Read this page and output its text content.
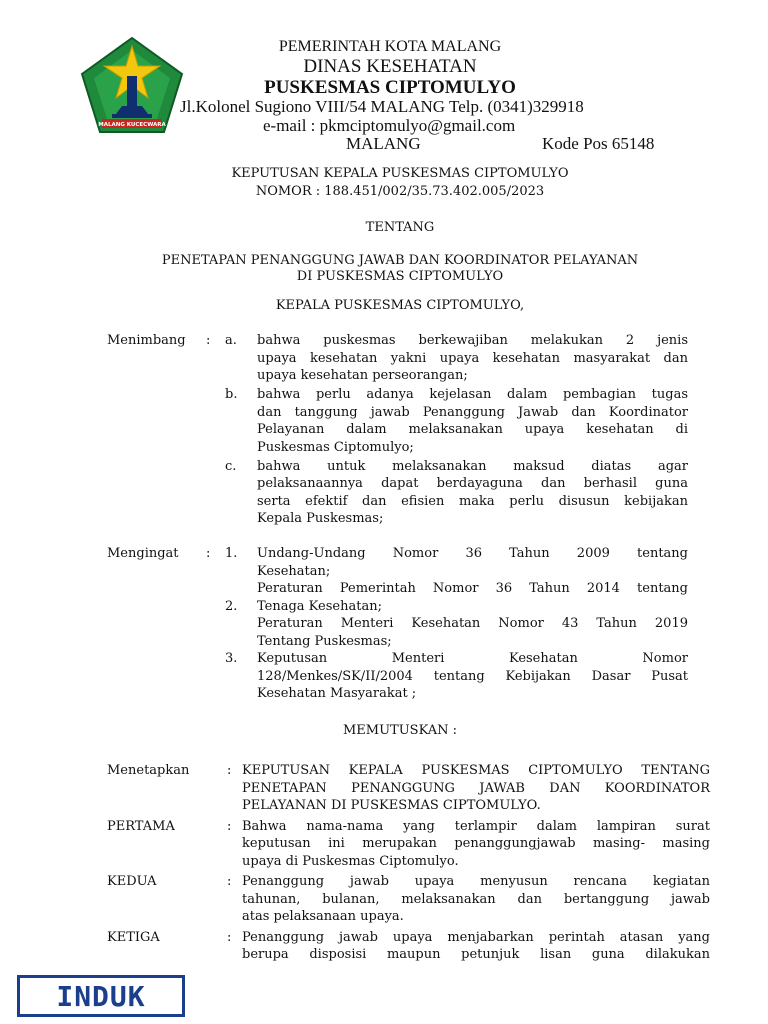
MALANG KUCECWARA
PEMERINTAH KOTA MALANG
DINAS KESEHATAN
PUSKESMAS CIPTOMULYO
Jl.Kolonel Sugiono VIII/54 MALANG Telp. (0341)329918
e-mail : pkmciptomulyo@gmail.com
MALANG	Kode Pos 65148
KEPUTUSAN KEPALA PUSKESMAS CIPTOMULYO
NOMOR : 188.451/002/35.73.402.005/2023
TENTANG
PENETAPAN PENANGGUNG JAWAB DAN KOORDINATOR PELAYANAN
DI PUSKESMAS CIPTOMULYO
KEPALA PUSKESMAS CIPTOMULYO,
Menimbang : a.	bahwa puskesmas berkewajiban melakukan 2 jenis
upaya kesehatan yakni upaya kesehatan masyarakat dan
upaya kesehatan perseorangan;
b.	bahwa perlu adanya kejelasan dalam pembagian tugas
dan tanggung jawab Penanggung Jawab dan Koordinator
Pelayanan dalam melaksanakan upaya kesehatan di
Puskesmas Ciptomulyo;
c.	bahwa untuk melaksanakan maksud diatas agar
pelaksanaannya dapat berdayaguna dan berhasil guna
serta efektif dan efisien maka perlu disusun kebijakan
Kepala Puskesmas;
Mengingat : 1.	Undang-Undang Nomor 36 Tahun 2009 tentang
Kesehatan;
Peraturan Pemerintah Nomor 36 Tahun 2014 tentang
2.	Tenaga Kesehatan;
Peraturan Menteri Kesehatan Nomor 43 Tahun 2019
Tentang Puskesmas;
3.	Keputusan Menteri Kesehatan Nomor
128/Menkes/SK/II/2004 tentang Kebijakan Dasar Pusat
Kesehatan Masyarakat ;
MEMUTUSKAN :
Menetapkan	: KEPUTUSAN KEPALA PUSKESMAS CIPTOMULYO TENTANG
PENETAPAN PENANGGUNG JAWAB DAN KOORDINATOR
PELAYANAN DI PUSKESMAS CIPTOMULYO.
PERTAMA	: Bahwa nama-nama yang terlampir dalam lampiran surat
keputusan ini merupakan penanggungjawab masing- masing
upaya di Puskesmas Ciptomulyo.
KEDUA	: Penanggung jawab upaya menyusun rencana kegiatan
tahunan, bulanan, melaksanakan dan bertanggung jawab
atas pelaksanaan upaya.
KETIGA	: Penanggung jawab upaya menjabarkan perintah atasan yang
berupa disposisi maupun petunjuk lisan guna dilakukan
INDUK
